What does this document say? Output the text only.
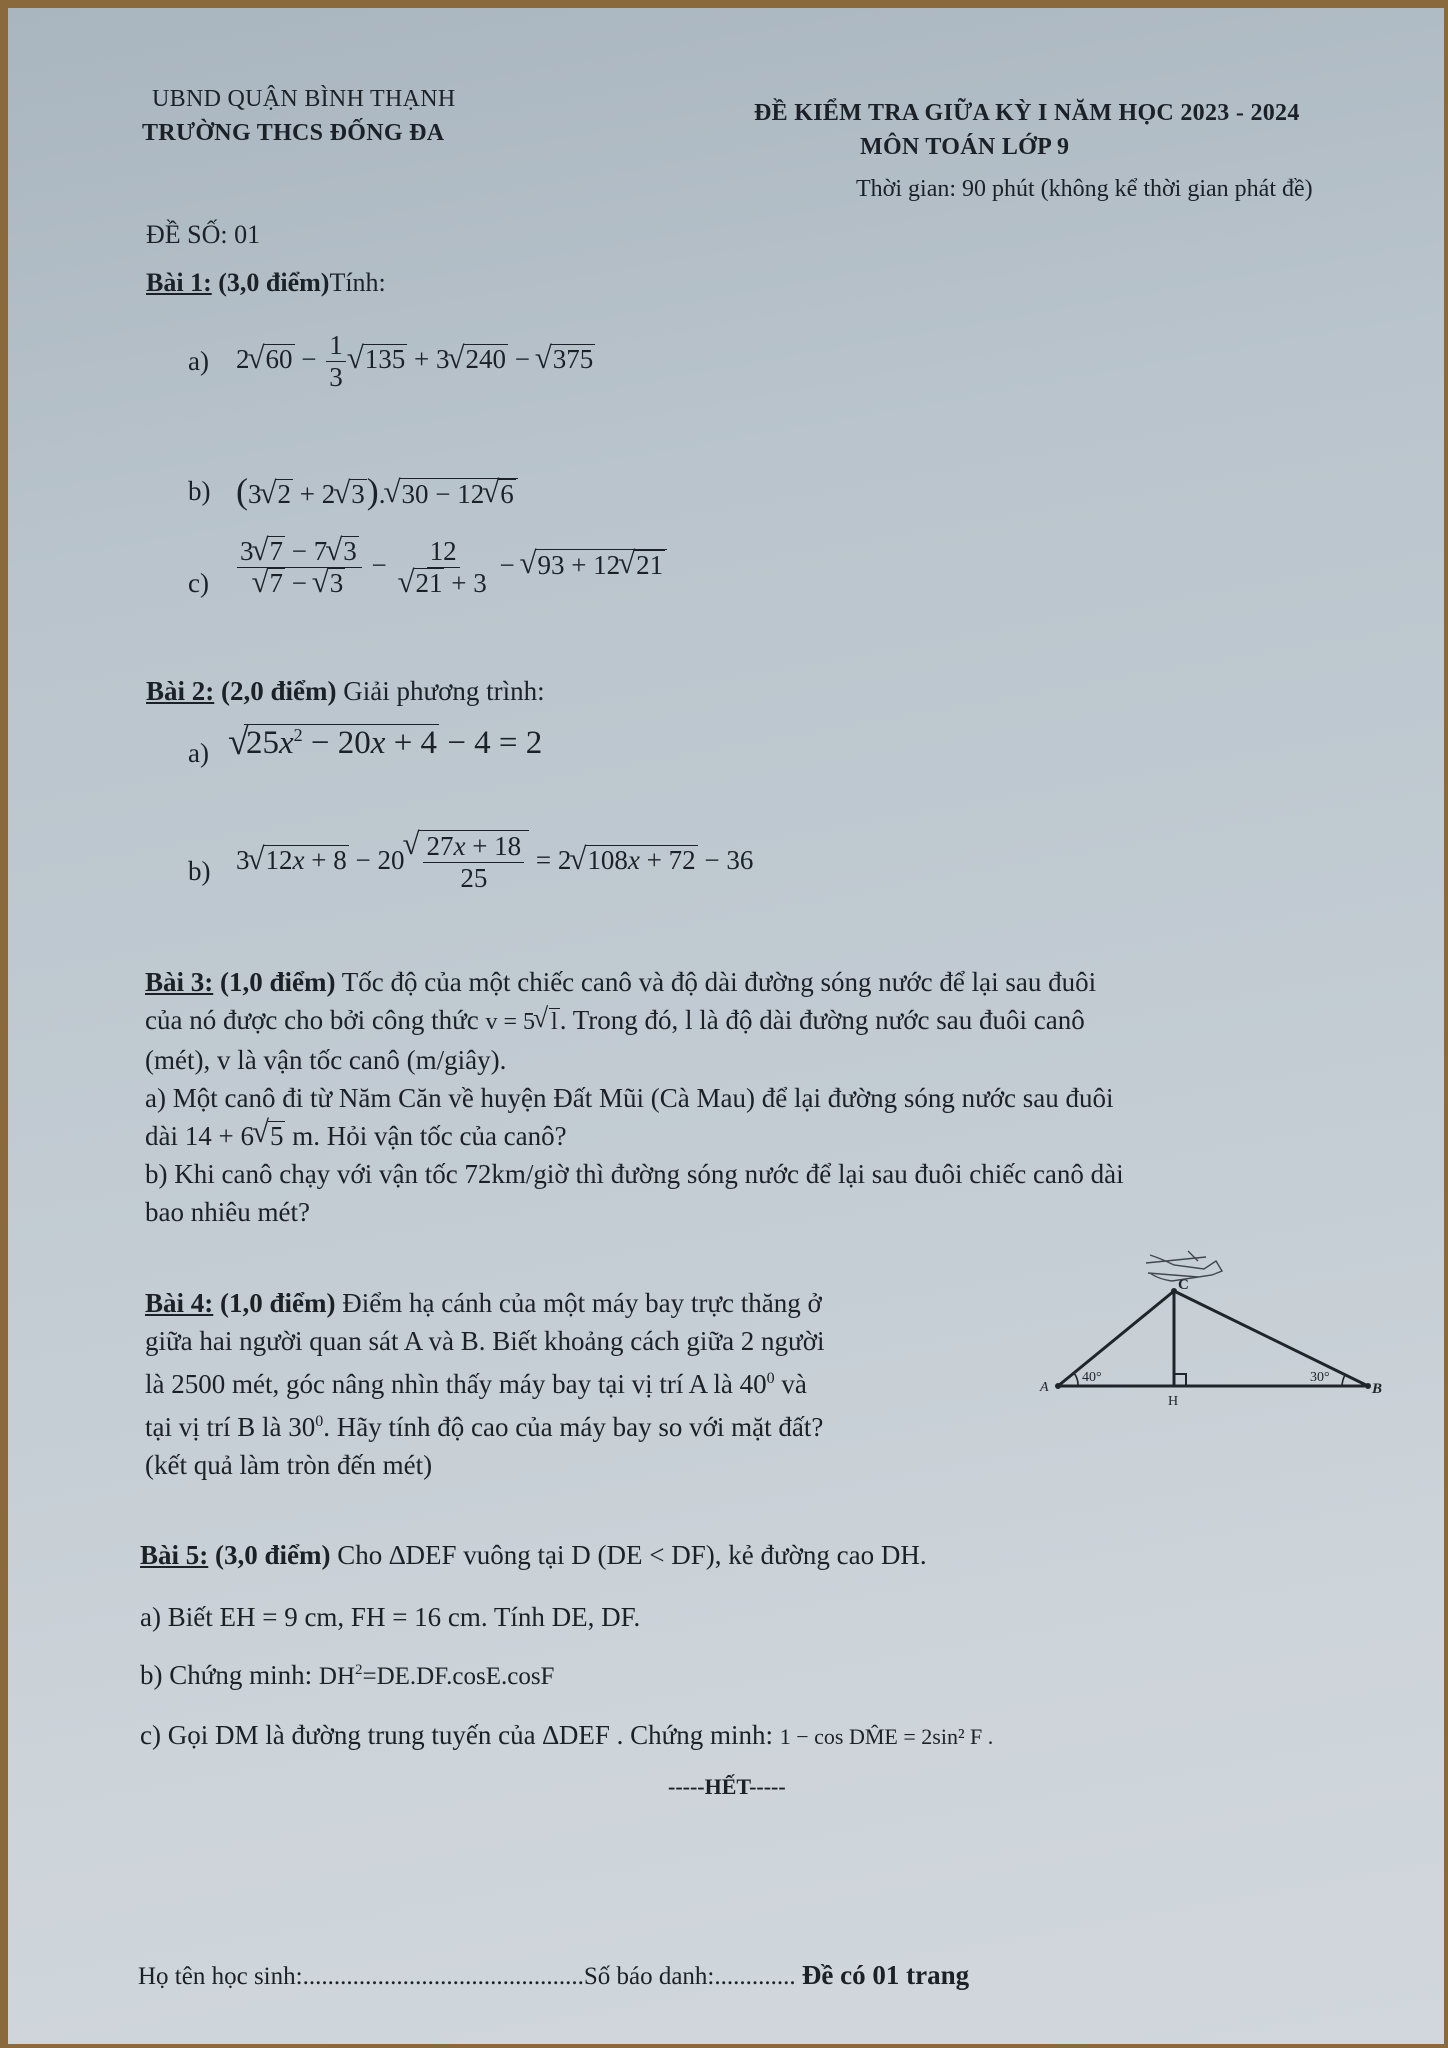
UBND QUẬN BÌNH THẠNH
TRƯỜNG THCS ĐỐNG ĐA
ĐỀ KIỂM TRA GIỮA KỲ I NĂM HỌC 2023 - 2024
MÔN TOÁN LỚP 9
Thời gian: 90 phút (không kể thời gian phát đề)
ĐỀ SỐ: 01
Bài 1: (3,0 điểm)Tính:
a) 2 √ $60 - \frac{1}{3}$ √ 135 + 3 √ 240 − √ 375
b) (3 √ 2 + 2 √ 3). √ 30 − 12 √ 6
c) 3 √ 7 − 7 √ 3
√ 7 − √ 3 − 12
√ 21 + 3 − √ 93 + 12 √ 21
Bài 2: (2,0 điểm) Giải phương trình:
a)	√ $25x^2 - 20x + 4 - 4 = 2$
b) 3 √ 12x + 8 − 20 √ $\frac{27x + 18}{25} = 2$ √ 108x + 72 − 36
Bài 3: (1,0 điểm) Tốc độ của một chiếc canô và độ dài đường sóng nước để lại sau đuôi
của nó được cho bởi công thức v = 5 √ l. Trong đó, l là độ dài đường nước sau đuôi canô
(mét), v là vận tốc canô (m/giây).
a) Một canô đi từ Năm Căn về huyện Đất Mũi (Cà Mau) để lại đường sóng nước sau đuôi
dài 14 + 6 √ 5 m. Hỏi vận tốc của canô?
b) Khi canô chạy với vận tốc 72km/giờ thì đường sóng nước để lại sau đuôi chiếc canô dài
bao nhiêu mét?
Bài 4: (1,0 điểm) Điểm hạ cánh của một máy bay trực thăng ở
giữa hai người quan sát A và B. Biết khoảng cách giữa 2 người
là 2500 mét, góc nâng nhìn thấy máy bay tại vị trí A là $40^0$ và
tại vị trí B là $30^0$. Hãy tính độ cao của máy bay so với mặt đất?
(kết quả làm tròn đến mét)
C
A	B
H
40°	30°
Bài 5: (3,0 điểm) Cho ∆DEF vuông tại D (DE < DF), kẻ đường cao DH.
a) Biết EH = 9 cm, FH = 16 cm. Tính DE, DF.
b) Chứng minh: $DH^2=DE.DF.\cos E.\cos F$
c) Gọi DM là đường trung tuyến của ∆DEF . Chứng minh: 1 − cos DM̂E = 2sin² F .
-----HẾT-----
Họ tên học sinh:.............................................Số báo danh:............. Đề có 01 trang
